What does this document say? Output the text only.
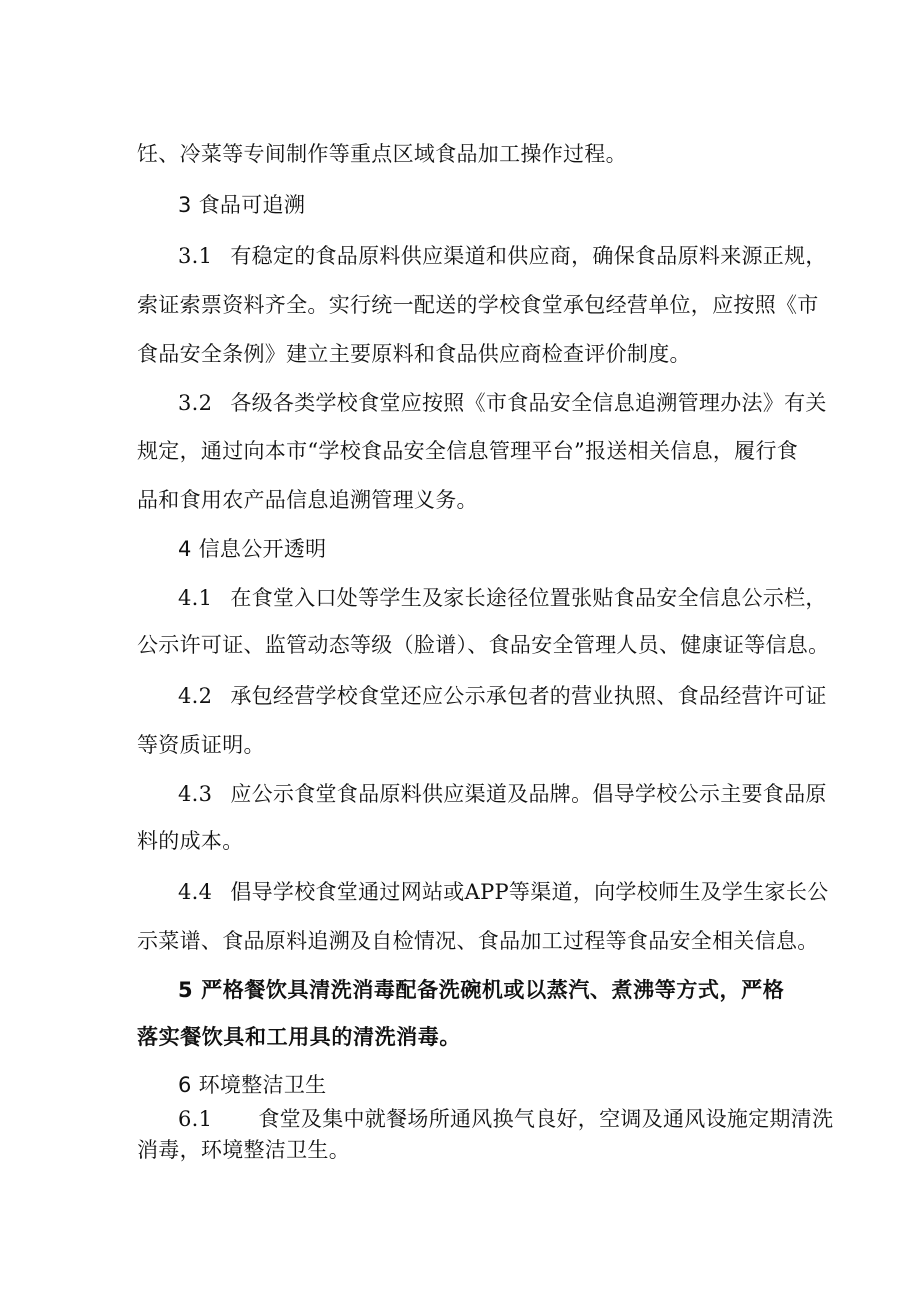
饪、冷菜等专间制作等重点区域食品加工操作过程。
3 食品可追溯
3.1 有稳定的食品原料供应渠道和供应商，确保食品原料来源正规，
索证索票资料齐全。实行统一配送的学校食堂承包经营单位，应按照《市
食品安全条例》建立主要原料和食品供应商检查评价制度。
3.2 各级各类学校食堂应按照《市食品安全信息追溯管理办法》有关
规定，通过向本市“学校食品安全信息管理平台”报送相关信息，履行食
品和食用农产品信息追溯管理义务。
4 信息公开透明
4.1 在食堂入口处等学生及家长途径位置张贴食品安全信息公示栏，
公示许可证、监管动态等级（脸谱）、食品安全管理人员、健康证等信息。
4.2 承包经营学校食堂还应公示承包者的营业执照、食品经营许可证
等资质证明。
4.3 应公示食堂食品原料供应渠道及品牌。倡导学校公示主要食品原
料的成本。
4.4 倡导学校食堂通过网站或APP等渠道，向学校师生及学生家长公
示菜谱、食品原料追溯及自检情况、食品加工过程等食品安全相关信息。
5 严格餐饮具清洗消毒配备洗碗机或以蒸汽、煮沸等方式，严格
落实餐饮具和工用具的清洗消毒。
6 环境整洁卫生
6.1 食堂及集中就餐场所通风换气良好，空调及通风设施定期清洗
消毒，环境整洁卫生。
